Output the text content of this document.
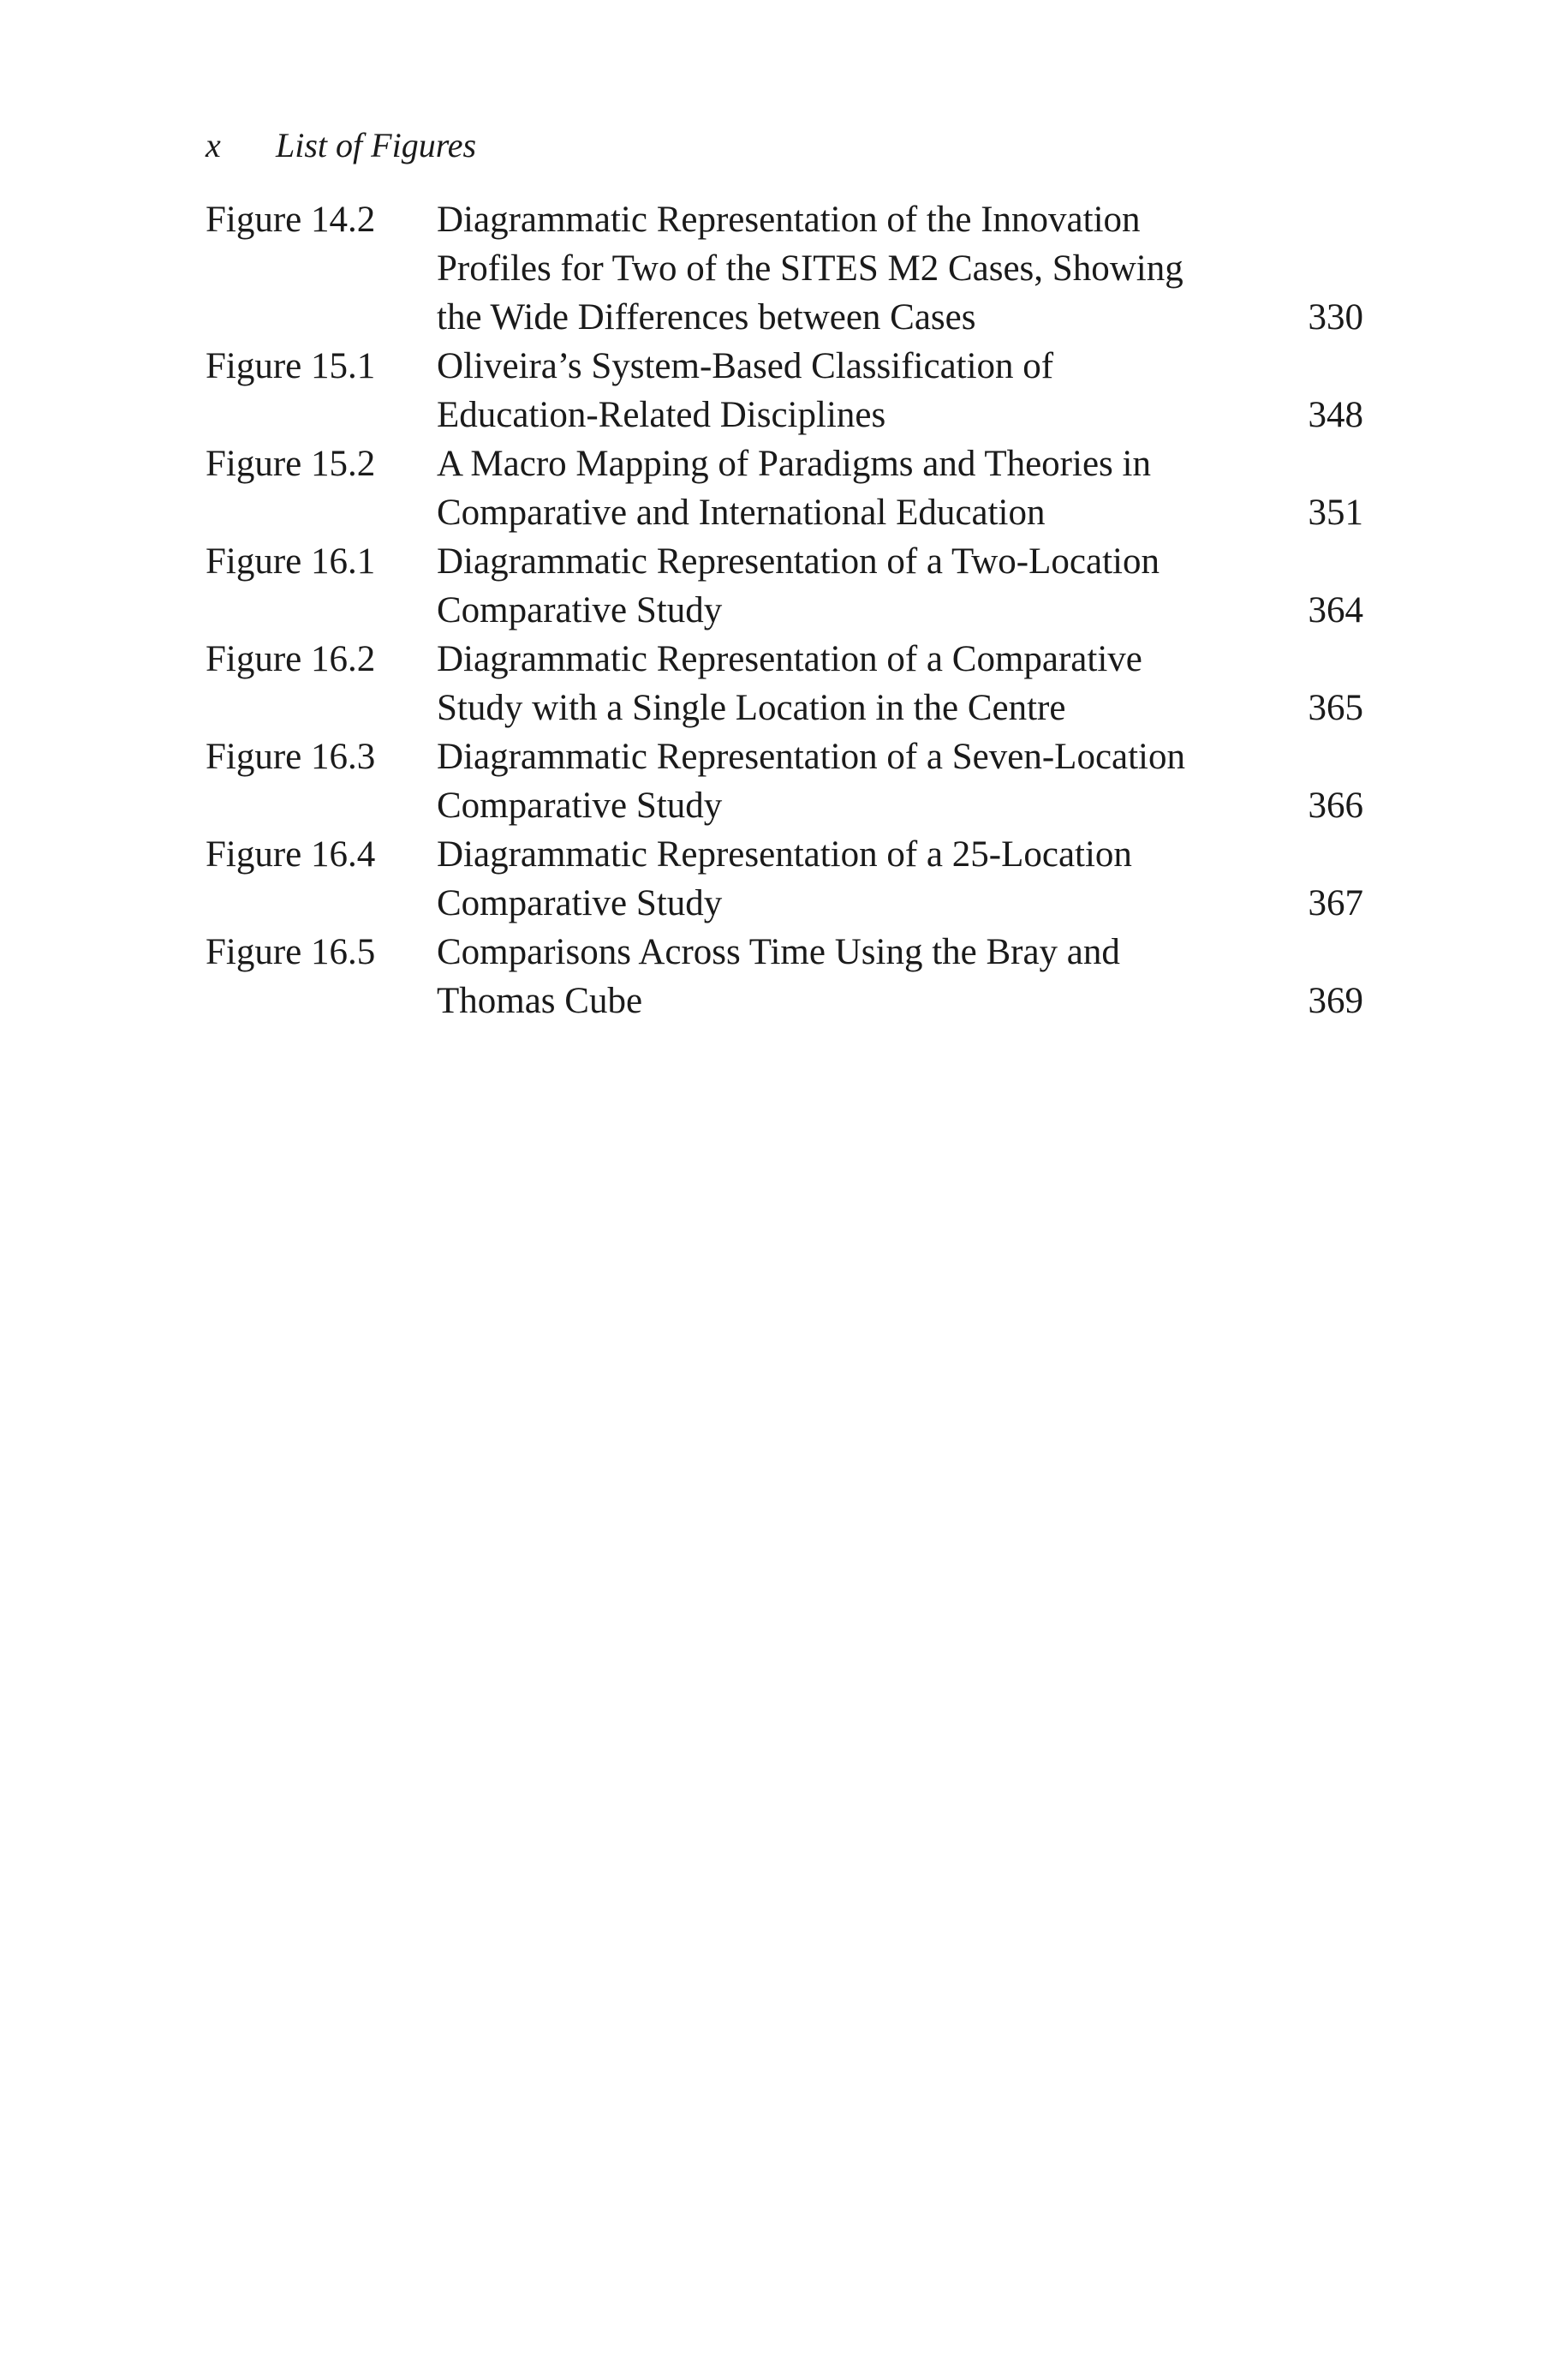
x List of Figures
Figure 14.2	Diagrammatic Representation of the Innovation
Profiles for Two of the SITES M2 Cases, Showing
the Wide Differences between Cases	330
Figure 15.1	Oliveira’s System-Based Classification of
Education-Related Disciplines	348
Figure 15.2	A Macro Mapping of Paradigms and Theories in
Comparative and International Education	351
Figure 16.1	Diagrammatic Representation of a Two-Location
Comparative Study	364
Figure 16.2	Diagrammatic Representation of a Comparative
Study with a Single Location in the Centre	365
Figure 16.3	Diagrammatic Representation of a Seven-Location
Comparative Study	366
Figure 16.4	Diagrammatic Representation of a 25-Location
Comparative Study	367
Figure 16.5	Comparisons Across Time Using the Bray and
Thomas Cube	369
